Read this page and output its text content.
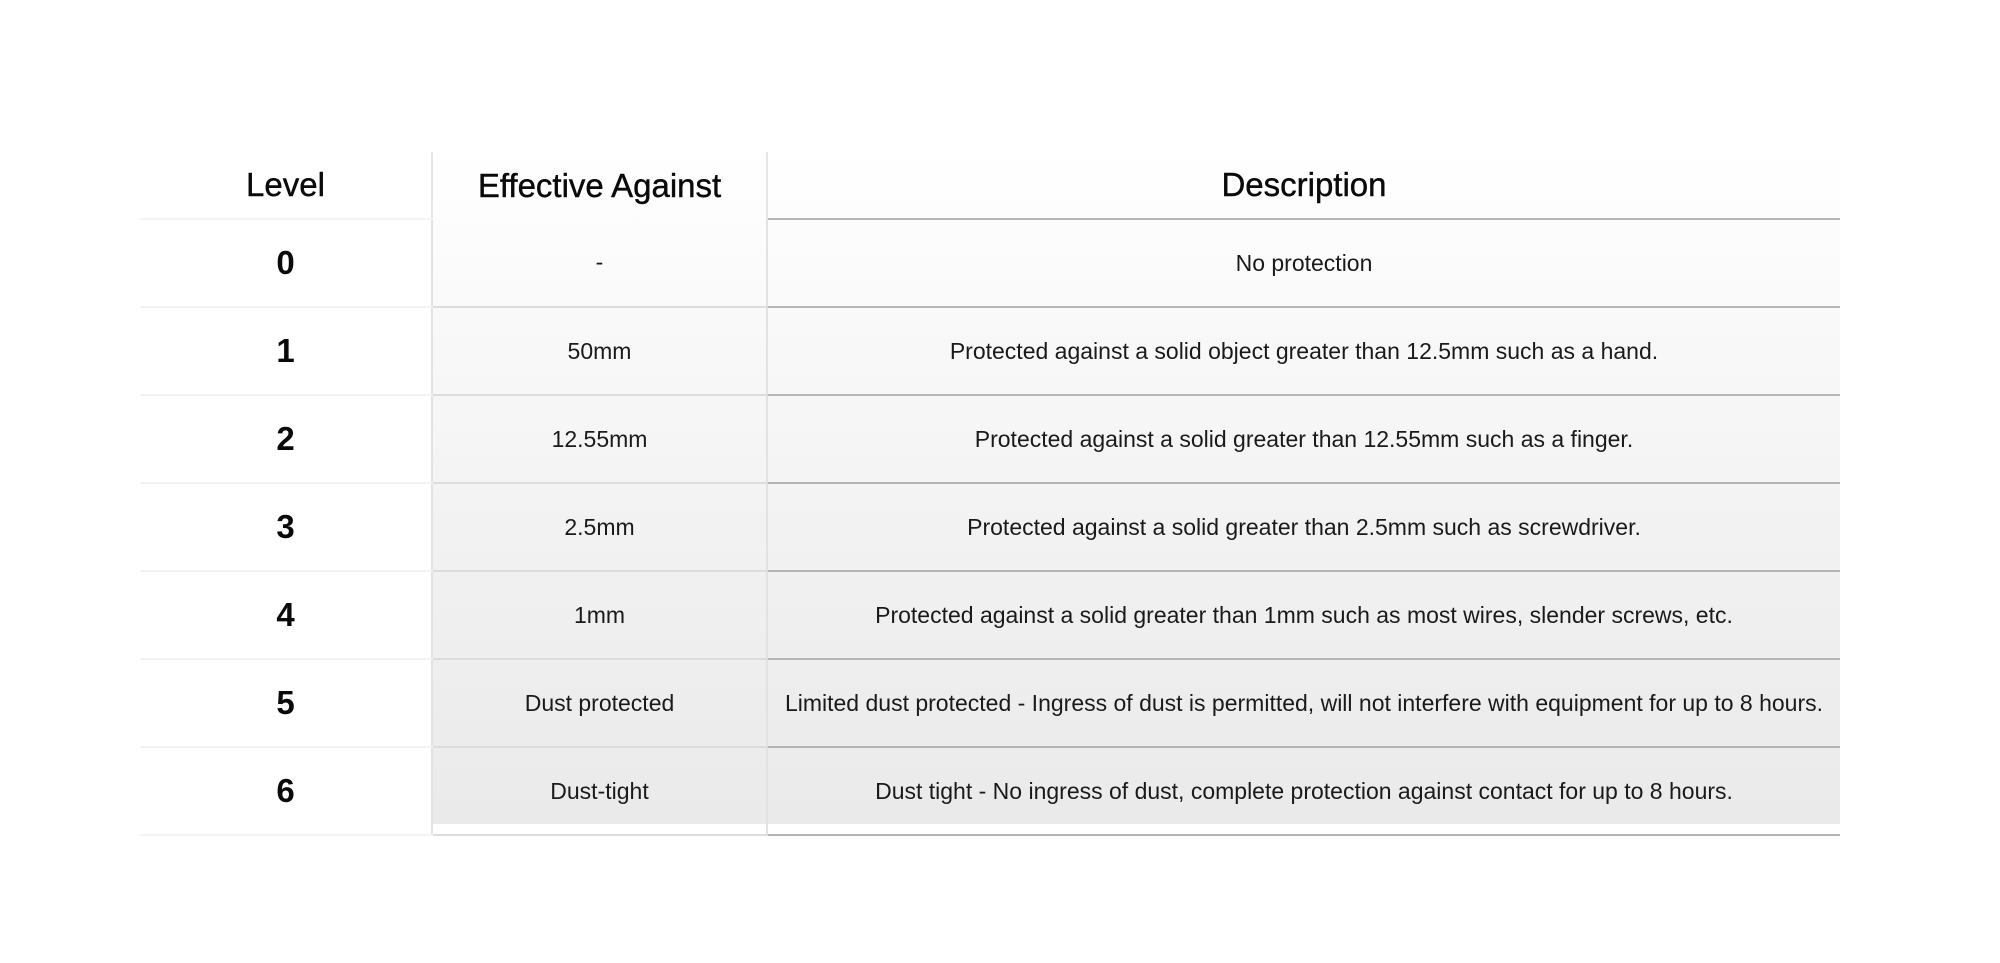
Level	Effective Against	Description
0	-	No protection
1	50mm	Protected against a solid object greater than 12.5mm such as a hand.
2	12.55mm	Protected against a solid greater than 12.55mm such as a finger.
3	2.5mm	Protected against a solid greater than 2.5mm such as screwdriver.
4	1mm	Protected against a solid greater than 1mm such as most wires, slender screws, etc.
5	Dust protected	Limited dust protected - Ingress of dust is permitted, will not interfere with equipment for up to 8 hours.
6	Dust-tight	Dust tight - No ingress of dust, complete protection against contact for up to 8 hours.
